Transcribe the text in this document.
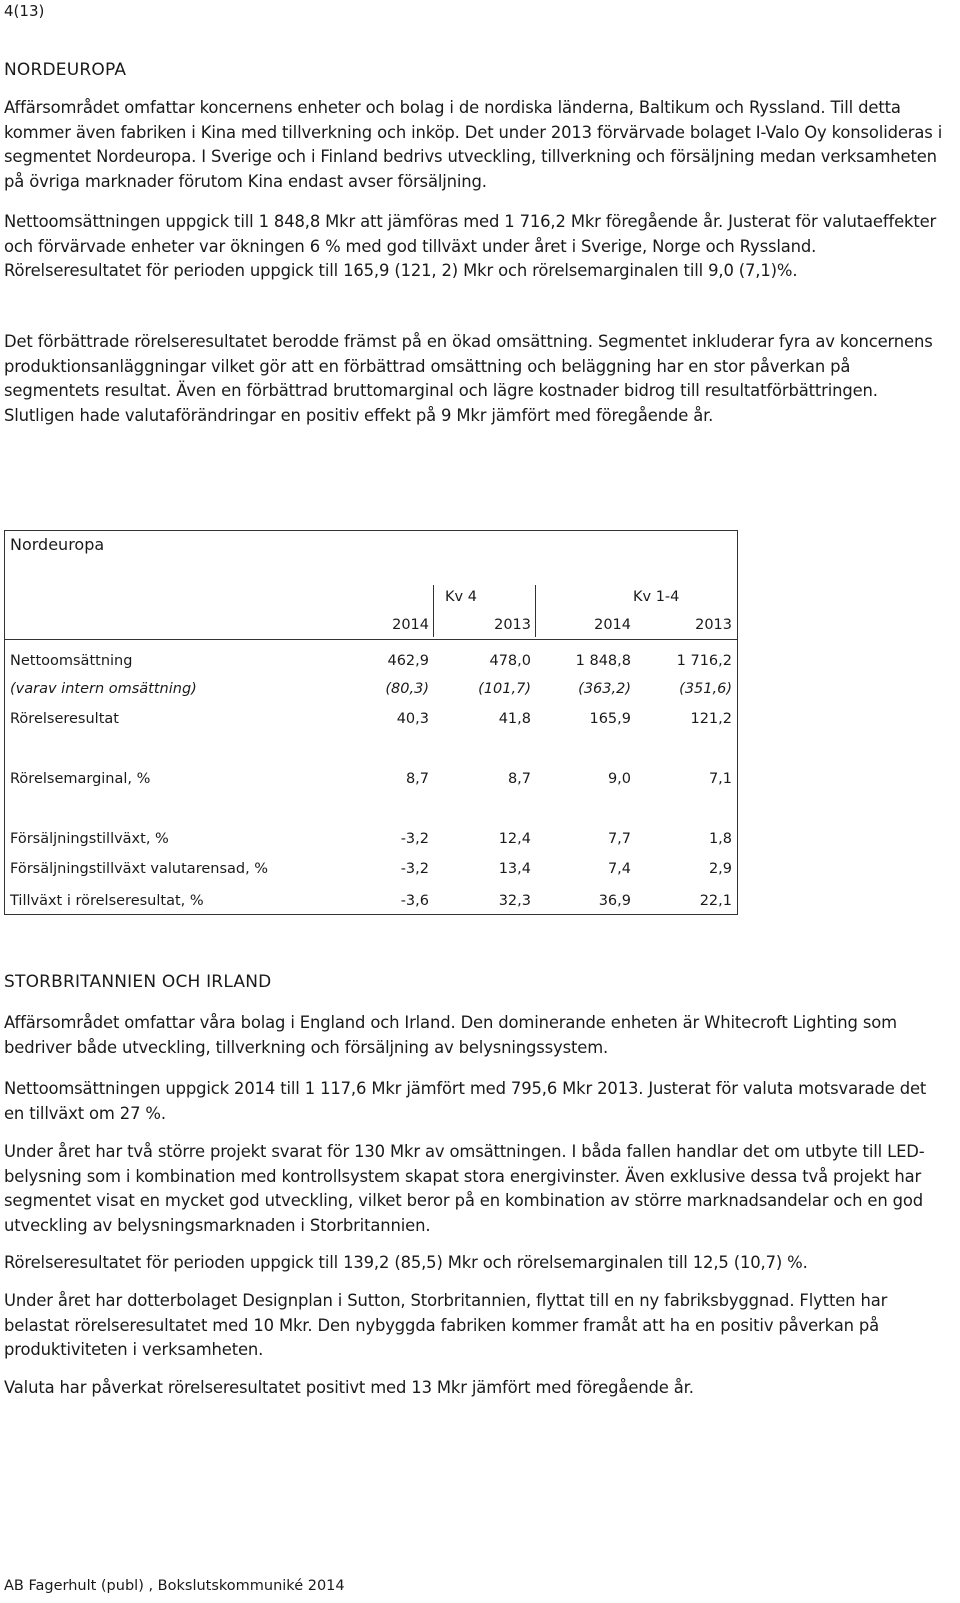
4(13)
NORDEUROPA

Affärsområdet omfattar koncernens enheter och bolag i de nordiska länderna, Baltikum och Ryssland. Till detta kommer även fabriken i Kina med tillverkning och inköp. Det under 2013 förvärvade bolaget I-Valo Oy konsolideras i segmentet Nordeuropa. I Sverige och i Finland bedrivs utveckling, tillverkning och försäljning medan verksamheten på övriga marknader förutom Kina endast avser försäljning.

Nettoomsättningen uppgick till 1 848,8 Mkr att jämföras med 1 716,2 Mkr föregående år. Justerat för valutaeffekter och förvärvade enheter var ökningen 6 % med god tillväxt under året i Sverige, Norge och Ryssland. Rörelseresultatet för perioden uppgick till 165,9 (121, 2) Mkr och rörelsemarginalen till 9,0 (7,1)%.

Det förbättrade rörelseresultatet berodde främst på en ökad omsättning. Segmentet inkluderar fyra av koncernens produktionsanläggningar vilket gör att en förbättrad omsättning och beläggning har en stor påverkan på segmentets resultat. Även en förbättrad bruttomarginal och lägre kostnader bidrog till resultatförbättringen. Slutligen hade valutaförändringar en positiv effekt på 9 Mkr jämfört med föregående år.

Nordeuropa
Kv 4	Kv 1-4
2014	2013	2014	2013
Nettoomsättning	462,9	478,0	1 848,8	1 716,2
(varav intern omsättning)	(80,3)	(101,7)	(363,2)	(351,6)
Rörelseresultat	40,3	41,8	165,9	121,2
Rörelsemarginal, %	8,7	8,7	9,0	7,1
Försäljningstillväxt, %	-3,2	12,4	7,7	1,8
Försäljningstillväxt valutarensad, %	-3,2	13,4	7,4	2,9
Tillväxt i rörelseresultat, %	-3,6	32,3	36,9	22,1
STORBRITANNIEN OCH IRLAND

Affärsområdet omfattar våra bolag i England och Irland. Den dominerande enheten är Whitecroft Lighting som bedriver både utveckling, tillverkning och försäljning av belysningssystem.

Nettoomsättningen uppgick 2014 till 1 117,6 Mkr jämfört med 795,6 Mkr 2013. Justerat för valuta motsvarade det en tillväxt om 27 %.

Under året har två större projekt svarat för 130 Mkr av omsättningen. I båda fallen handlar det om utbyte till LED-belysning som i kombination med kontrollsystem skapat stora energivinster. Även exklusive dessa två projekt har segmentet visat en mycket god utveckling, vilket beror på en kombination av större marknadsandelar och en god utveckling av belysningsmarknaden i Storbritannien.

Rörelseresultatet för perioden uppgick till 139,2 (85,5) Mkr och rörelsemarginalen till 12,5 (10,7) %.

Under året har dotterbolaget Designplan i Sutton, Storbritannien, flyttat till en ny fabriksbyggnad. Flytten har belastat rörelseresultatet med 10 Mkr. Den nybyggda fabriken kommer framåt att ha en positiv påverkan på produktiviteten i verksamheten.

Valuta har påverkat rörelseresultatet positivt med 13 Mkr jämfört med föregående år.

AB Fagerhult (publ) , Bokslutskommuniké 2014
